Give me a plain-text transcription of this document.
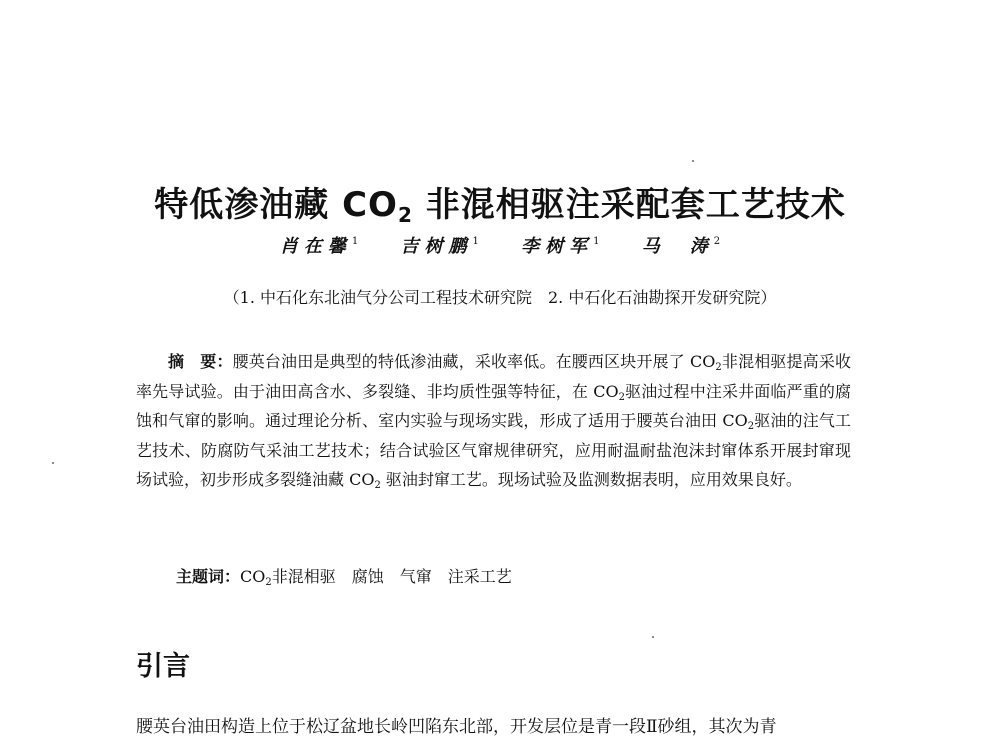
特低渗油藏 $CO_2$ 非混相驱注采配套工艺技术
肖在馨$^1$ 吉树鹏$^1$ 李树军$^1$ 马　涛$^2$
（1. 中石化东北油气分公司工程技术研究院　2. 中石化石油勘探开发研究院）

摘　要：腰英台油田是典型的特低渗油藏，采收率低。在腰西区块开展了 $CO_2$非混相驱提高采收率先导试验。由于油田高含水、多裂缝、非均质性强等特征，在 $CO_2$驱油过程中注采井面临严重的腐蚀和气窜的影响。通过理论分析、室内实验与现场实践，形成了适用于腰英台油田 $CO_2$驱油的注气工艺技术、防腐防气采油工艺技术；结合试验区气窜规律研究，应用耐温耐盐泡沫封窜体系开展封窜现场试验，初步形成多裂缝油藏 $CO_2$ 驱油封窜工艺。现场试验及监测数据表明，应用效果良好。

主题词：$CO_2$非混相驱　腐蚀　气窜　注采工艺
引言
腰英台油田构造上位于松辽盆地长岭凹陷东北部，开发层位是青一段Ⅱ砂组，其次为青
